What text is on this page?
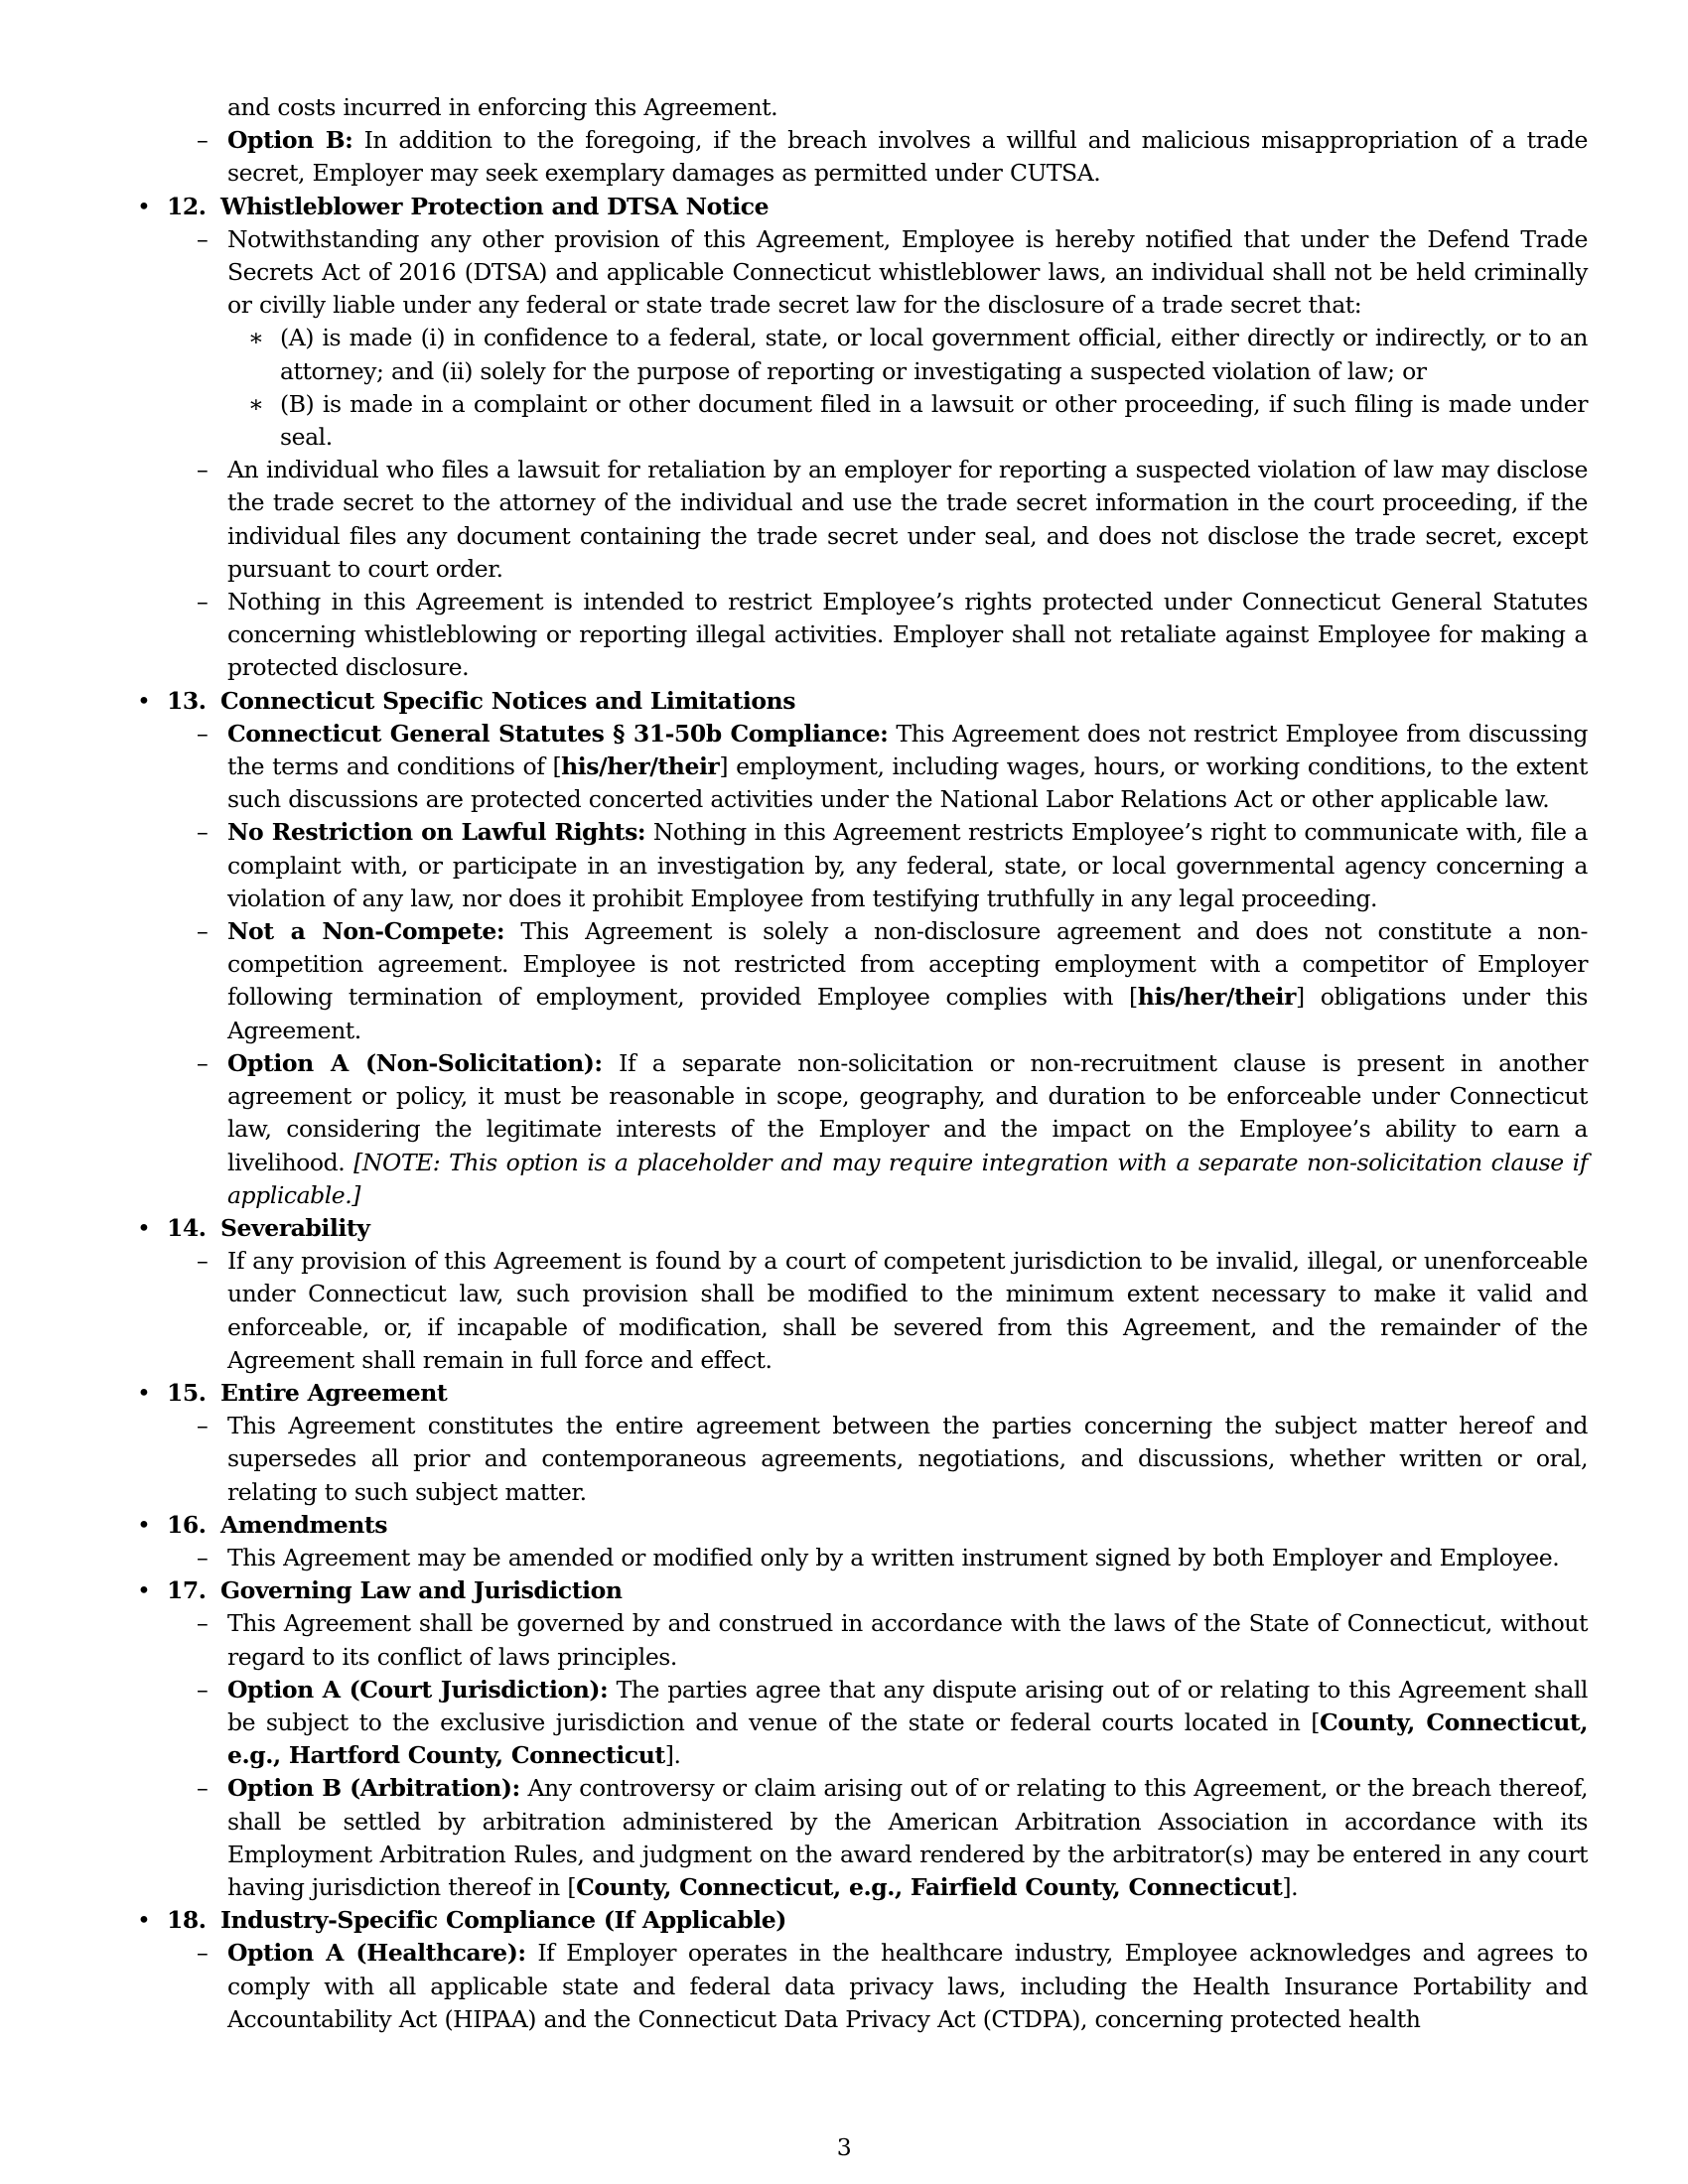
and costs incurred in enforcing this Agreement.
– Option B: In addition to the foregoing, if the breach involves a willful and malicious misappropriation of a trade secret, Employer may seek exemplary damages as permitted under CUTSA.
• 12. Whistleblower Protection and DTSA Notice
– Notwithstanding any other provision of this Agreement, Employee is hereby notified that under the Defend Trade Secrets Act of 2016 (DTSA) and applicable Connecticut whistleblower laws, an individual shall not be held criminally or civilly liable under any federal or state trade secret law for the disclosure of a trade secret that:
∗ (A) is made (i) in confidence to a federal, state, or local government official, either directly or indirectly, or to an attorney; and (ii) solely for the purpose of reporting or investigating a suspected violation of law; or
∗ (B) is made in a complaint or other document filed in a lawsuit or other proceeding, if such filing is made under seal.
– An individual who files a lawsuit for retaliation by an employer for reporting a suspected violation of law may disclose the trade secret to the attorney of the individual and use the trade secret information in the court proceeding, if the individual files any document containing the trade secret under seal, and does not disclose the trade secret, except pursuant to court order.
– Nothing in this Agreement is intended to restrict Employee’s rights protected under Connecticut General Statutes concerning whistleblowing or reporting illegal activities. Employer shall not retaliate against Employee for making a protected disclosure.
• 13. Connecticut Specific Notices and Limitations
– Connecticut General Statutes § 31-50b Compliance: This Agreement does not restrict Employee from discussing the terms and conditions of [his/her/their] employment, including wages, hours, or working conditions, to the extent such discussions are protected concerted activities under the National Labor Relations Act or other applicable law.
– No Restriction on Lawful Rights: Nothing in this Agreement restricts Employee’s right to communicate with, file a complaint with, or participate in an investigation by, any federal, state, or local governmental agency concerning a violation of any law, nor does it prohibit Employee from testifying truthfully in any legal proceeding.
– Not a Non-Compete: This Agreement is solely a non-disclosure agreement and does not constitute a non-competition agreement. Employee is not restricted from accepting employment with a competitor of Employer following termination of employment, provided Employee complies with [his/her/their] obligations under this Agreement.
– Option A (Non-Solicitation): If a separate non-solicitation or non-recruitment clause is present in another agreement or policy, it must be reasonable in scope, geography, and duration to be enforceable under Connecticut law, considering the legitimate interests of the Employer and the impact on the Employee’s ability to earn a livelihood. [NOTE: This option is a placeholder and may require integration with a separate non-solicitation clause if applicable.]
• 14. Severability
– If any provision of this Agreement is found by a court of competent jurisdiction to be invalid, illegal, or unenforceable under Connecticut law, such provision shall be modified to the minimum extent necessary to make it valid and enforceable, or, if incapable of modification, shall be severed from this Agreement, and the remainder of the Agreement shall remain in full force and effect.
• 15. Entire Agreement
– This Agreement constitutes the entire agreement between the parties concerning the subject matter hereof and supersedes all prior and contemporaneous agreements, negotiations, and discussions, whether written or oral, relating to such subject matter.
• 16. Amendments
– This Agreement may be amended or modified only by a written instrument signed by both Employer and Employee.
• 17. Governing Law and Jurisdiction
– This Agreement shall be governed by and construed in accordance with the laws of the State of Connecticut, without regard to its conflict of laws principles.
– Option A (Court Jurisdiction): The parties agree that any dispute arising out of or relating to this Agreement shall be subject to the exclusive jurisdiction and venue of the state or federal courts located in [County, Connecticut, e.g., Hartford County, Connecticut].
– Option B (Arbitration): Any controversy or claim arising out of or relating to this Agreement, or the breach thereof, shall be settled by arbitration administered by the American Arbitration Association in accordance with its Employment Arbitration Rules, and judgment on the award rendered by the arbitrator(s) may be entered in any court having jurisdiction thereof in [County, Connecticut, e.g., Fairfield County, Connecticut].
• 18. Industry-Specific Compliance (If Applicable)
– Option A (Healthcare): If Employer operates in the healthcare industry, Employee acknowledges and agrees to comply with all applicable state and federal data privacy laws, including the Health Insurance Portability and Accountability Act (HIPAA) and the Connecticut Data Privacy Act (CTDPA), concerning protected health
3
